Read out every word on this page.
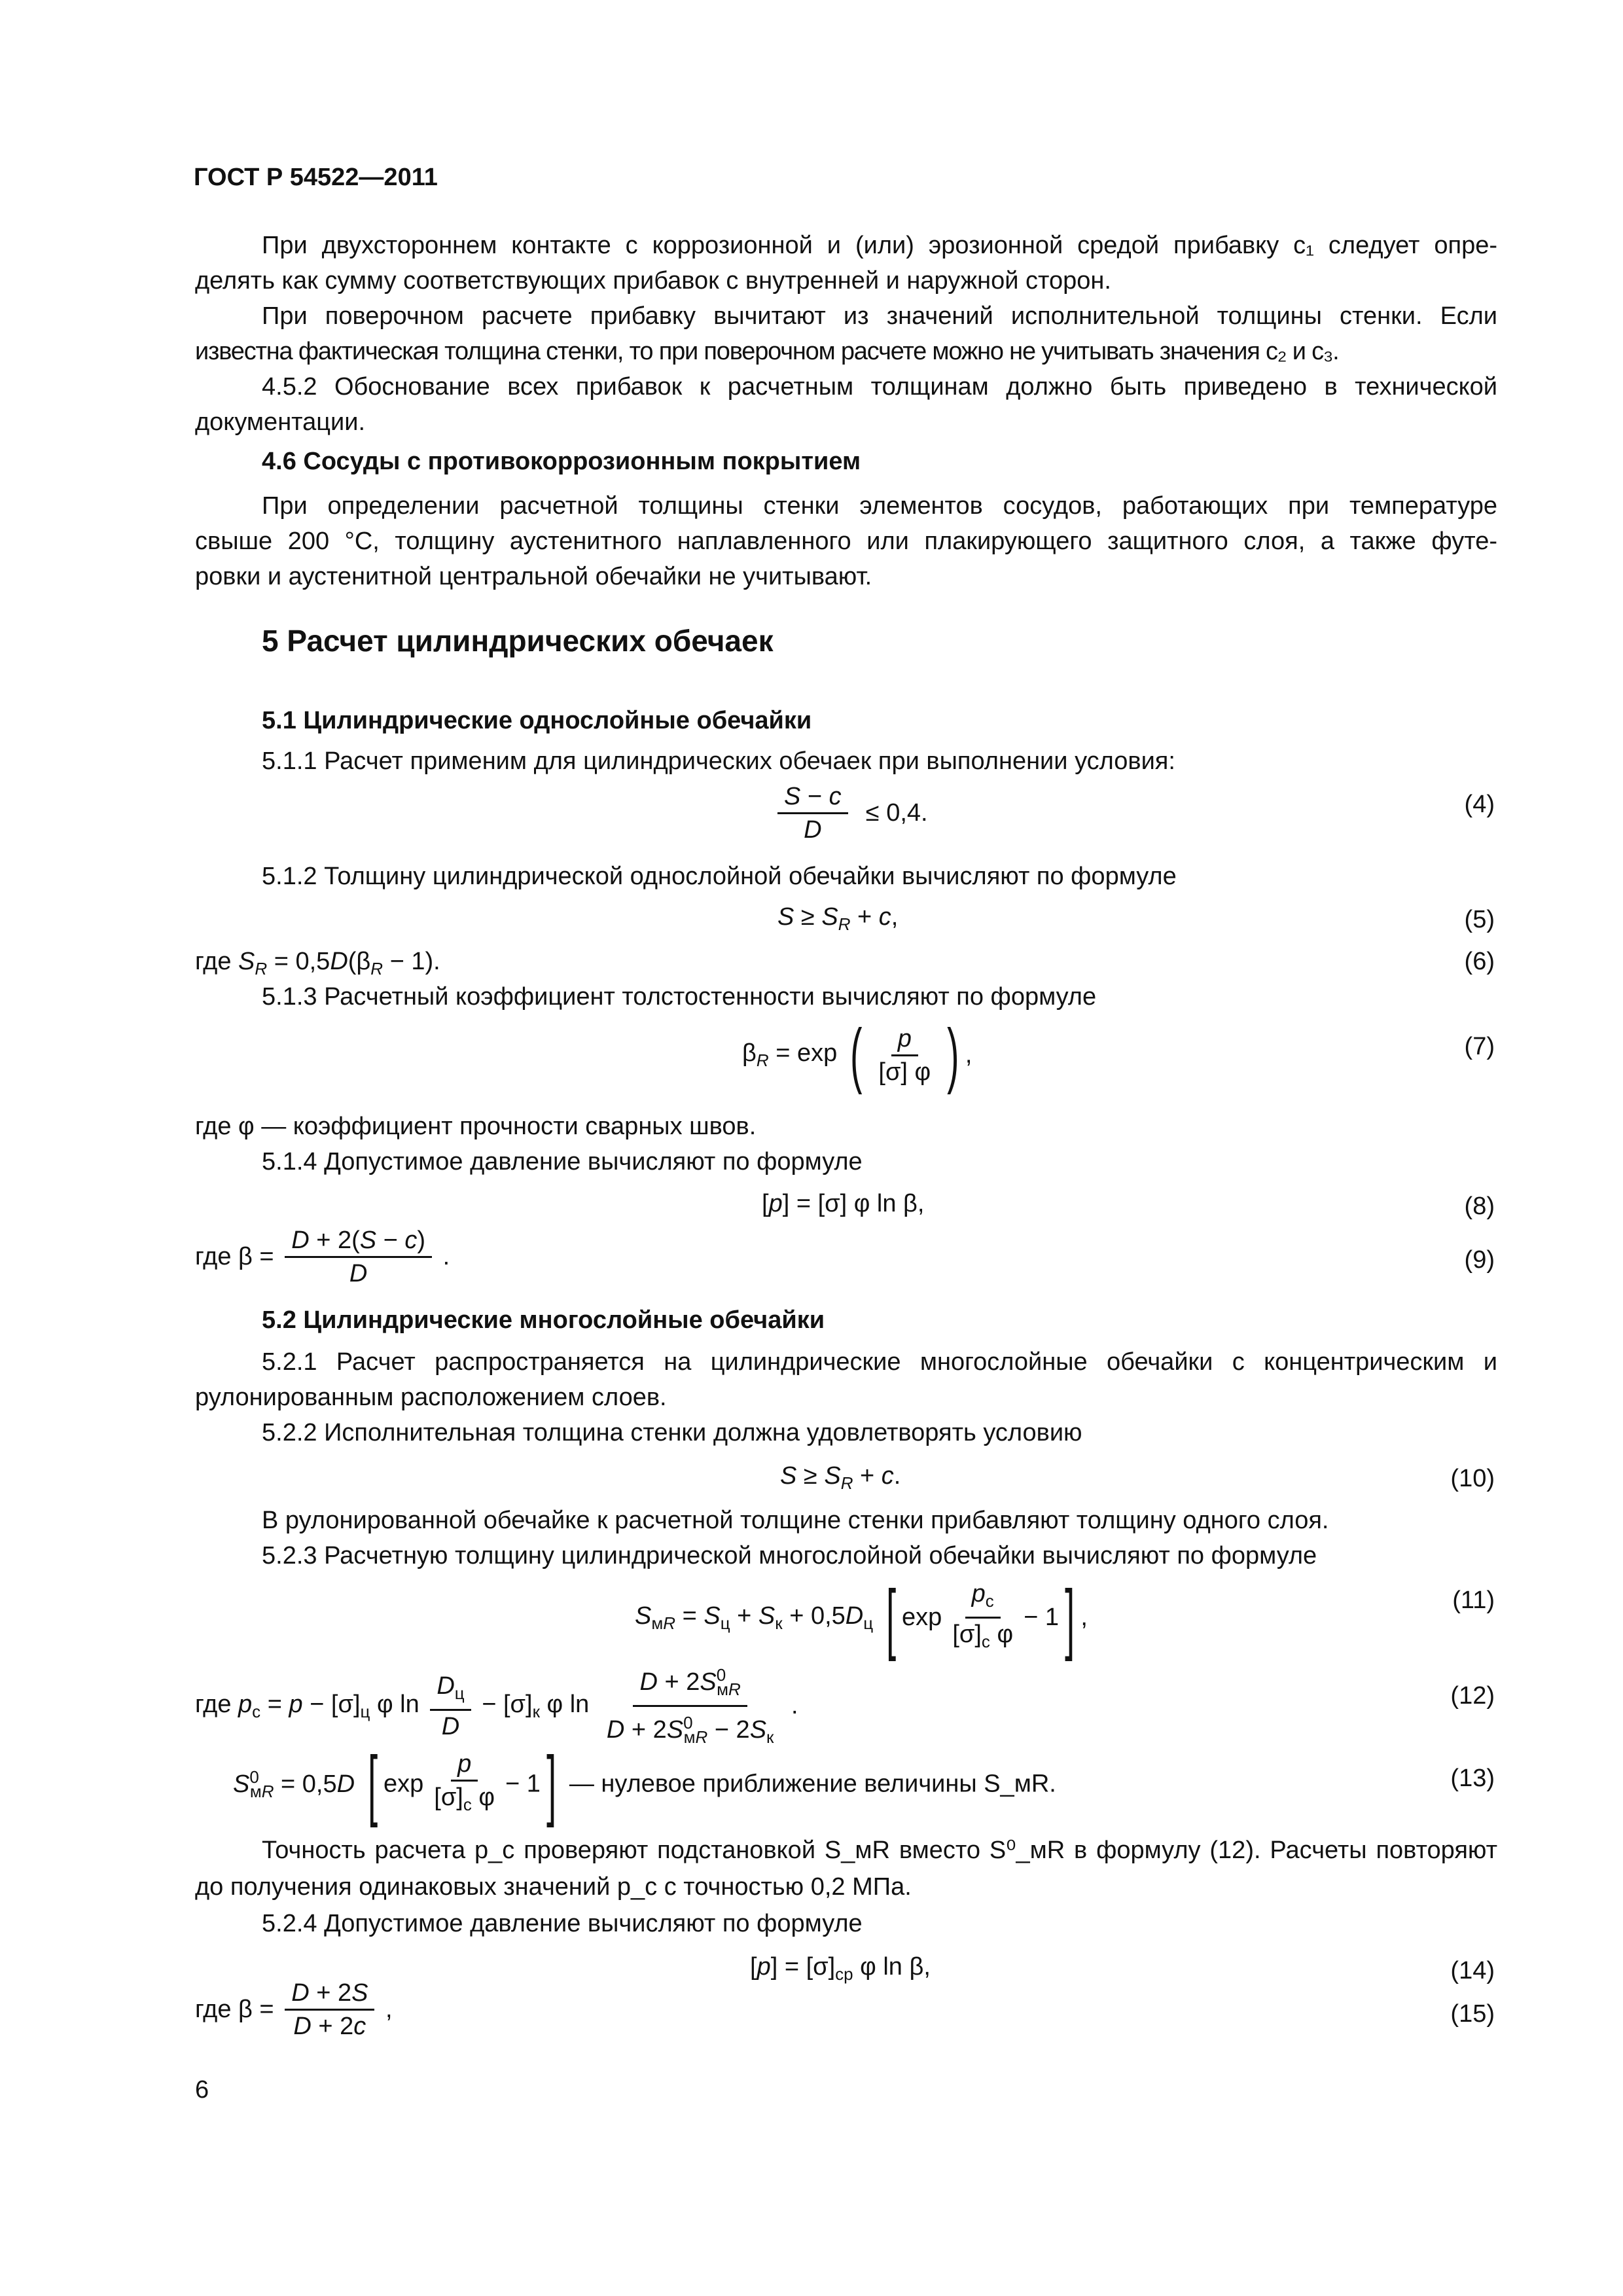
ГОСТ Р 54522—2011
При двухстороннем контакте с коррозионной и (или) эрозионной средой прибавку c₁ следует опре-
делять как сумму соответствующих прибавок с внутренней и наружной сторон.
При поверочном расчете прибавку вычитают из значений исполнительной толщины стенки. Если
известна фактическая толщина стенки, то при поверочном расчете можно не учитывать значения c₂ и c₃.
4.5.2 Обоснование всех прибавок к расчетным толщинам должно быть приведено в технической
документации.
4.6 Сосуды с противокоррозионным покрытием
При определении расчетной толщины стенки элементов сосудов, работающих при температуре
свыше 200 °С, толщину аустенитного наплавленного или плакирующего защитного слоя, а также футе-
ровки и аустенитной центральной обечайки не учитывают.
5 Расчет цилиндрических обечаек
5.1 Цилиндрические однослойные обечайки
5.1.1 Расчет применим для цилиндрических обечаек при выполнении условия:
$\frac{S - c}{D} \le 0,4$.	(4)
5.1.2 Толщину цилиндрической однослойной обечайки вычисляют по формуле
$S \ge S_R + c$,	(5)
где $S_R = 0,5D(\beta_R - 1)$.	(6)
5.1.3 Расчетный коэффициент толстостенности вычисляют по формуле
$\beta_R = \exp$ ( $\frac{p}{[\sigma] \varphi}$ ) ,	(7)
где φ — коэффициент прочности сварных швов.
5.1.4 Допустимое давление вычисляют по формуле
[p] = [σ] φ ln β,	(8)
где $\beta = \frac{D + 2(S - c)}{D}$ .	(9)
5.2 Цилиндрические многослойные обечайки
5.2.1 Расчет распространяется на цилиндрические многослойные обечайки с концентрическим и
рулонированным расположением слоев.
5.2.2 Исполнительная толщина стенки должна удовлетворять условию
$S \ge S_R + c$.	(10)
В рулонированной обечайке к расчетной толщине стенки прибавляют толщину одного слоя.
5.2.3 Расчетную толщину цилиндрической многослойной обечайки вычисляют по формуле
$S_{мR} = S_ц + S_к + 0,5D_ц$ [ $\exp \frac{p_с}{[\sigma]_с \varphi} - 1$] ,
(11)
где $p_с = p - [\sigma]_ц$ φ $\ln \frac{D_ц}{D} - [\sigma]_к$ φ $\ln \frac{D + 2S^0_{мR}}{D + 2S^0_{мR} - 2S_к}$ .	(12)
$S^0_{мR} = 0,5D$ [ $\exp \frac{p}{[\sigma]_с \varphi} - 1$] — нулевое приближение величины S_мR.	(13)
Точность расчета p_с проверяют подстановкой S_мR вместо S⁰_мR в формулу (12). Расчеты повторяют
до получения одинаковых значений p_с с точностью 0,2 МПа.
5.2.4 Допустимое давление вычисляют по формуле
$[p] = [\sigma]_{ср}$ φ ln β,	(14)
где $\beta = \frac{D + 2S}{D + 2c}$ ,	(15)
6
